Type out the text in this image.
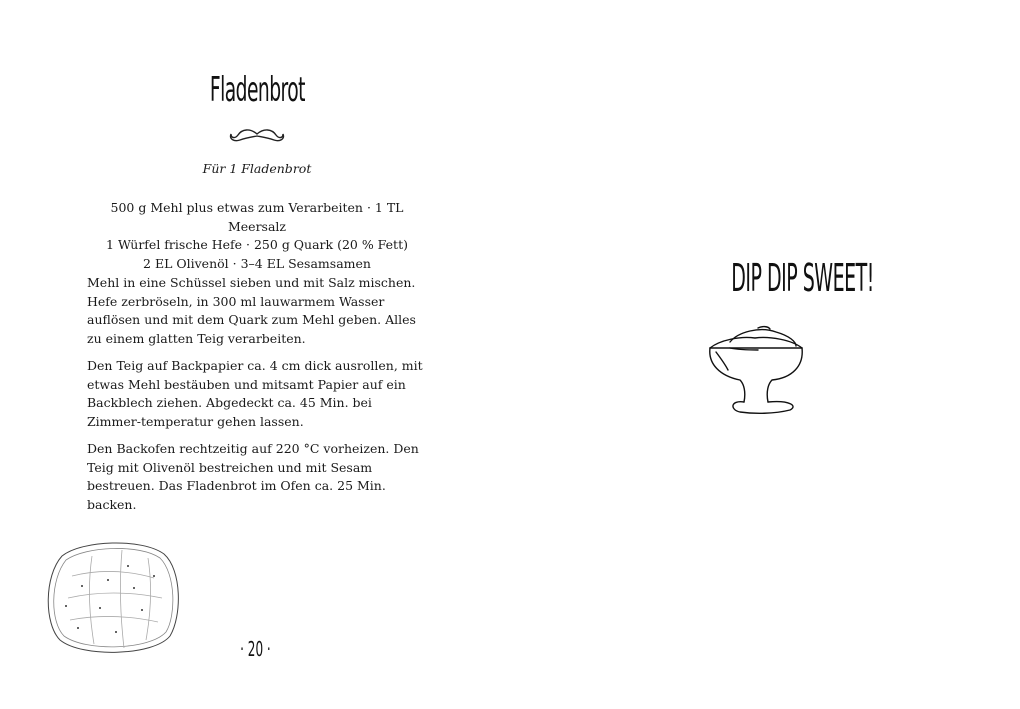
Fladenbrot
Für 1 Fladenbrot
500 g Mehl plus etwas zum Verarbeiten · 1 TL Meersalz
1 Würfel frische Hefe · 250 g Quark (20 % Fett)
2 EL Olivenöl · 3–4 EL Sesamsamen

Mehl in eine Schüssel sieben und mit Salz mischen. Hefe zerbröseln, in 300 ml lauwarmem Wasser auflösen und mit dem Quark zum Mehl geben. Alles zu einem glatten Teig verarbeiten.

Den Teig auf Backpapier ca. 4 cm dick ausrollen, mit etwas Mehl bestäuben und mitsamt Papier auf ein Backblech ziehen. Abgedeckt ca. 45 Min. bei Zimmer-temperatur gehen lassen.

Den Backofen rechtzeitig auf 220 °C vorheizen. Den Teig mit Olivenöl bestreichen und mit Sesam bestreuen. Das Fladenbrot im Ofen ca. 25 Min. backen.

· 20 ·
DIP DIP SWEET!
